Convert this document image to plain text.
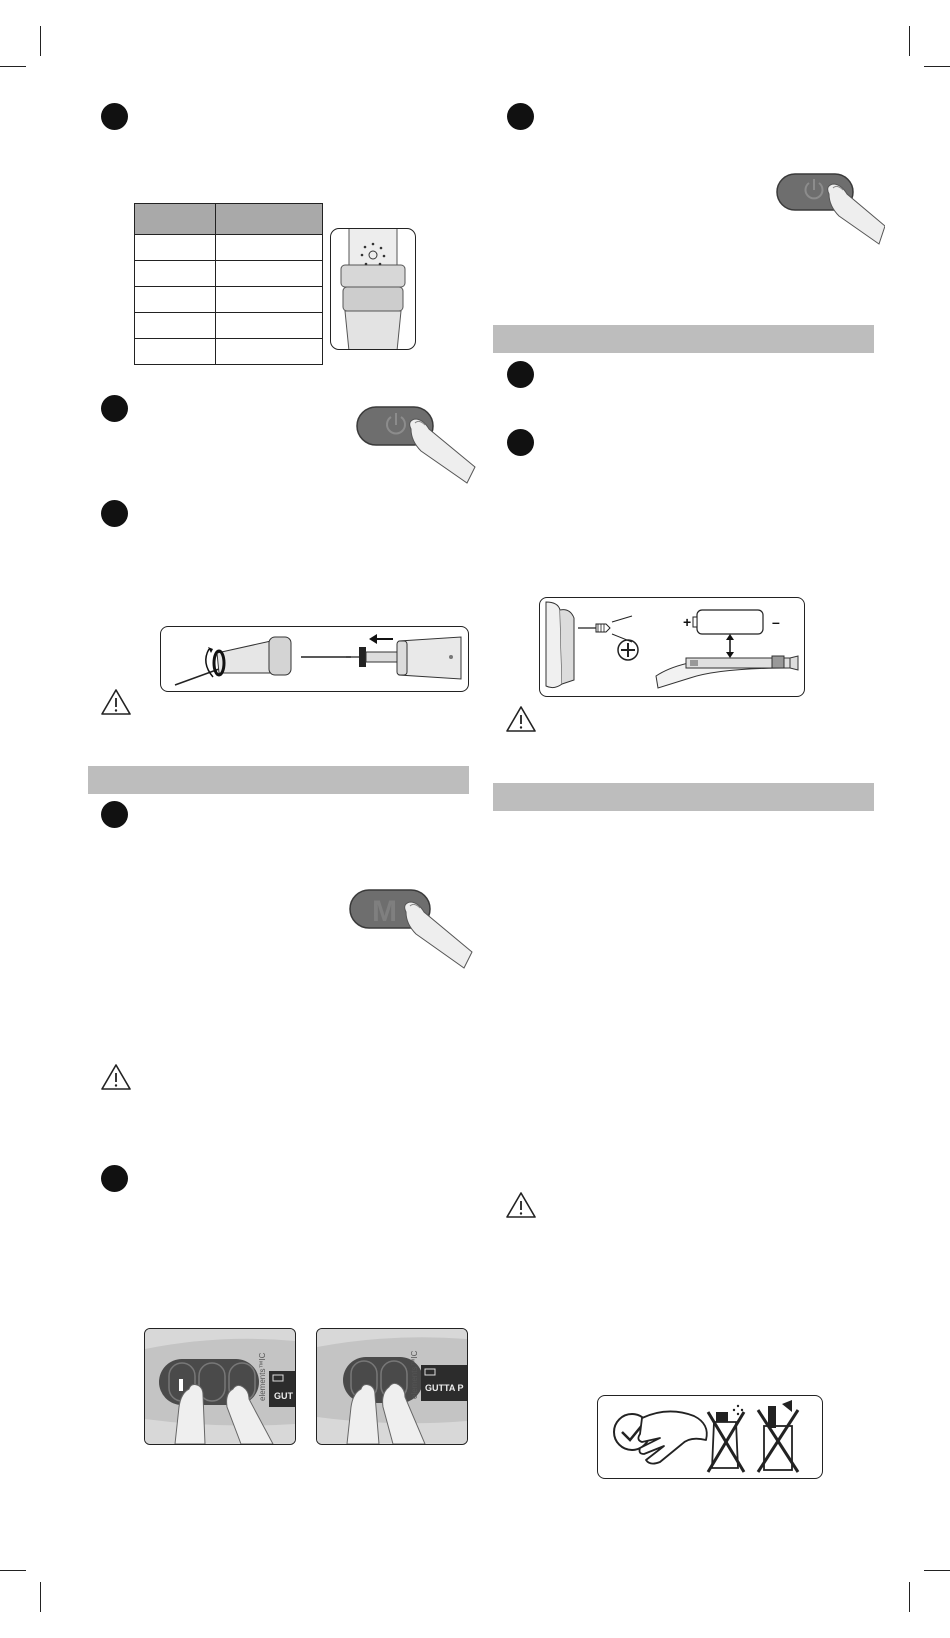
M
GUT
elements™IC	GUTTA P
elements™IC
+	–
